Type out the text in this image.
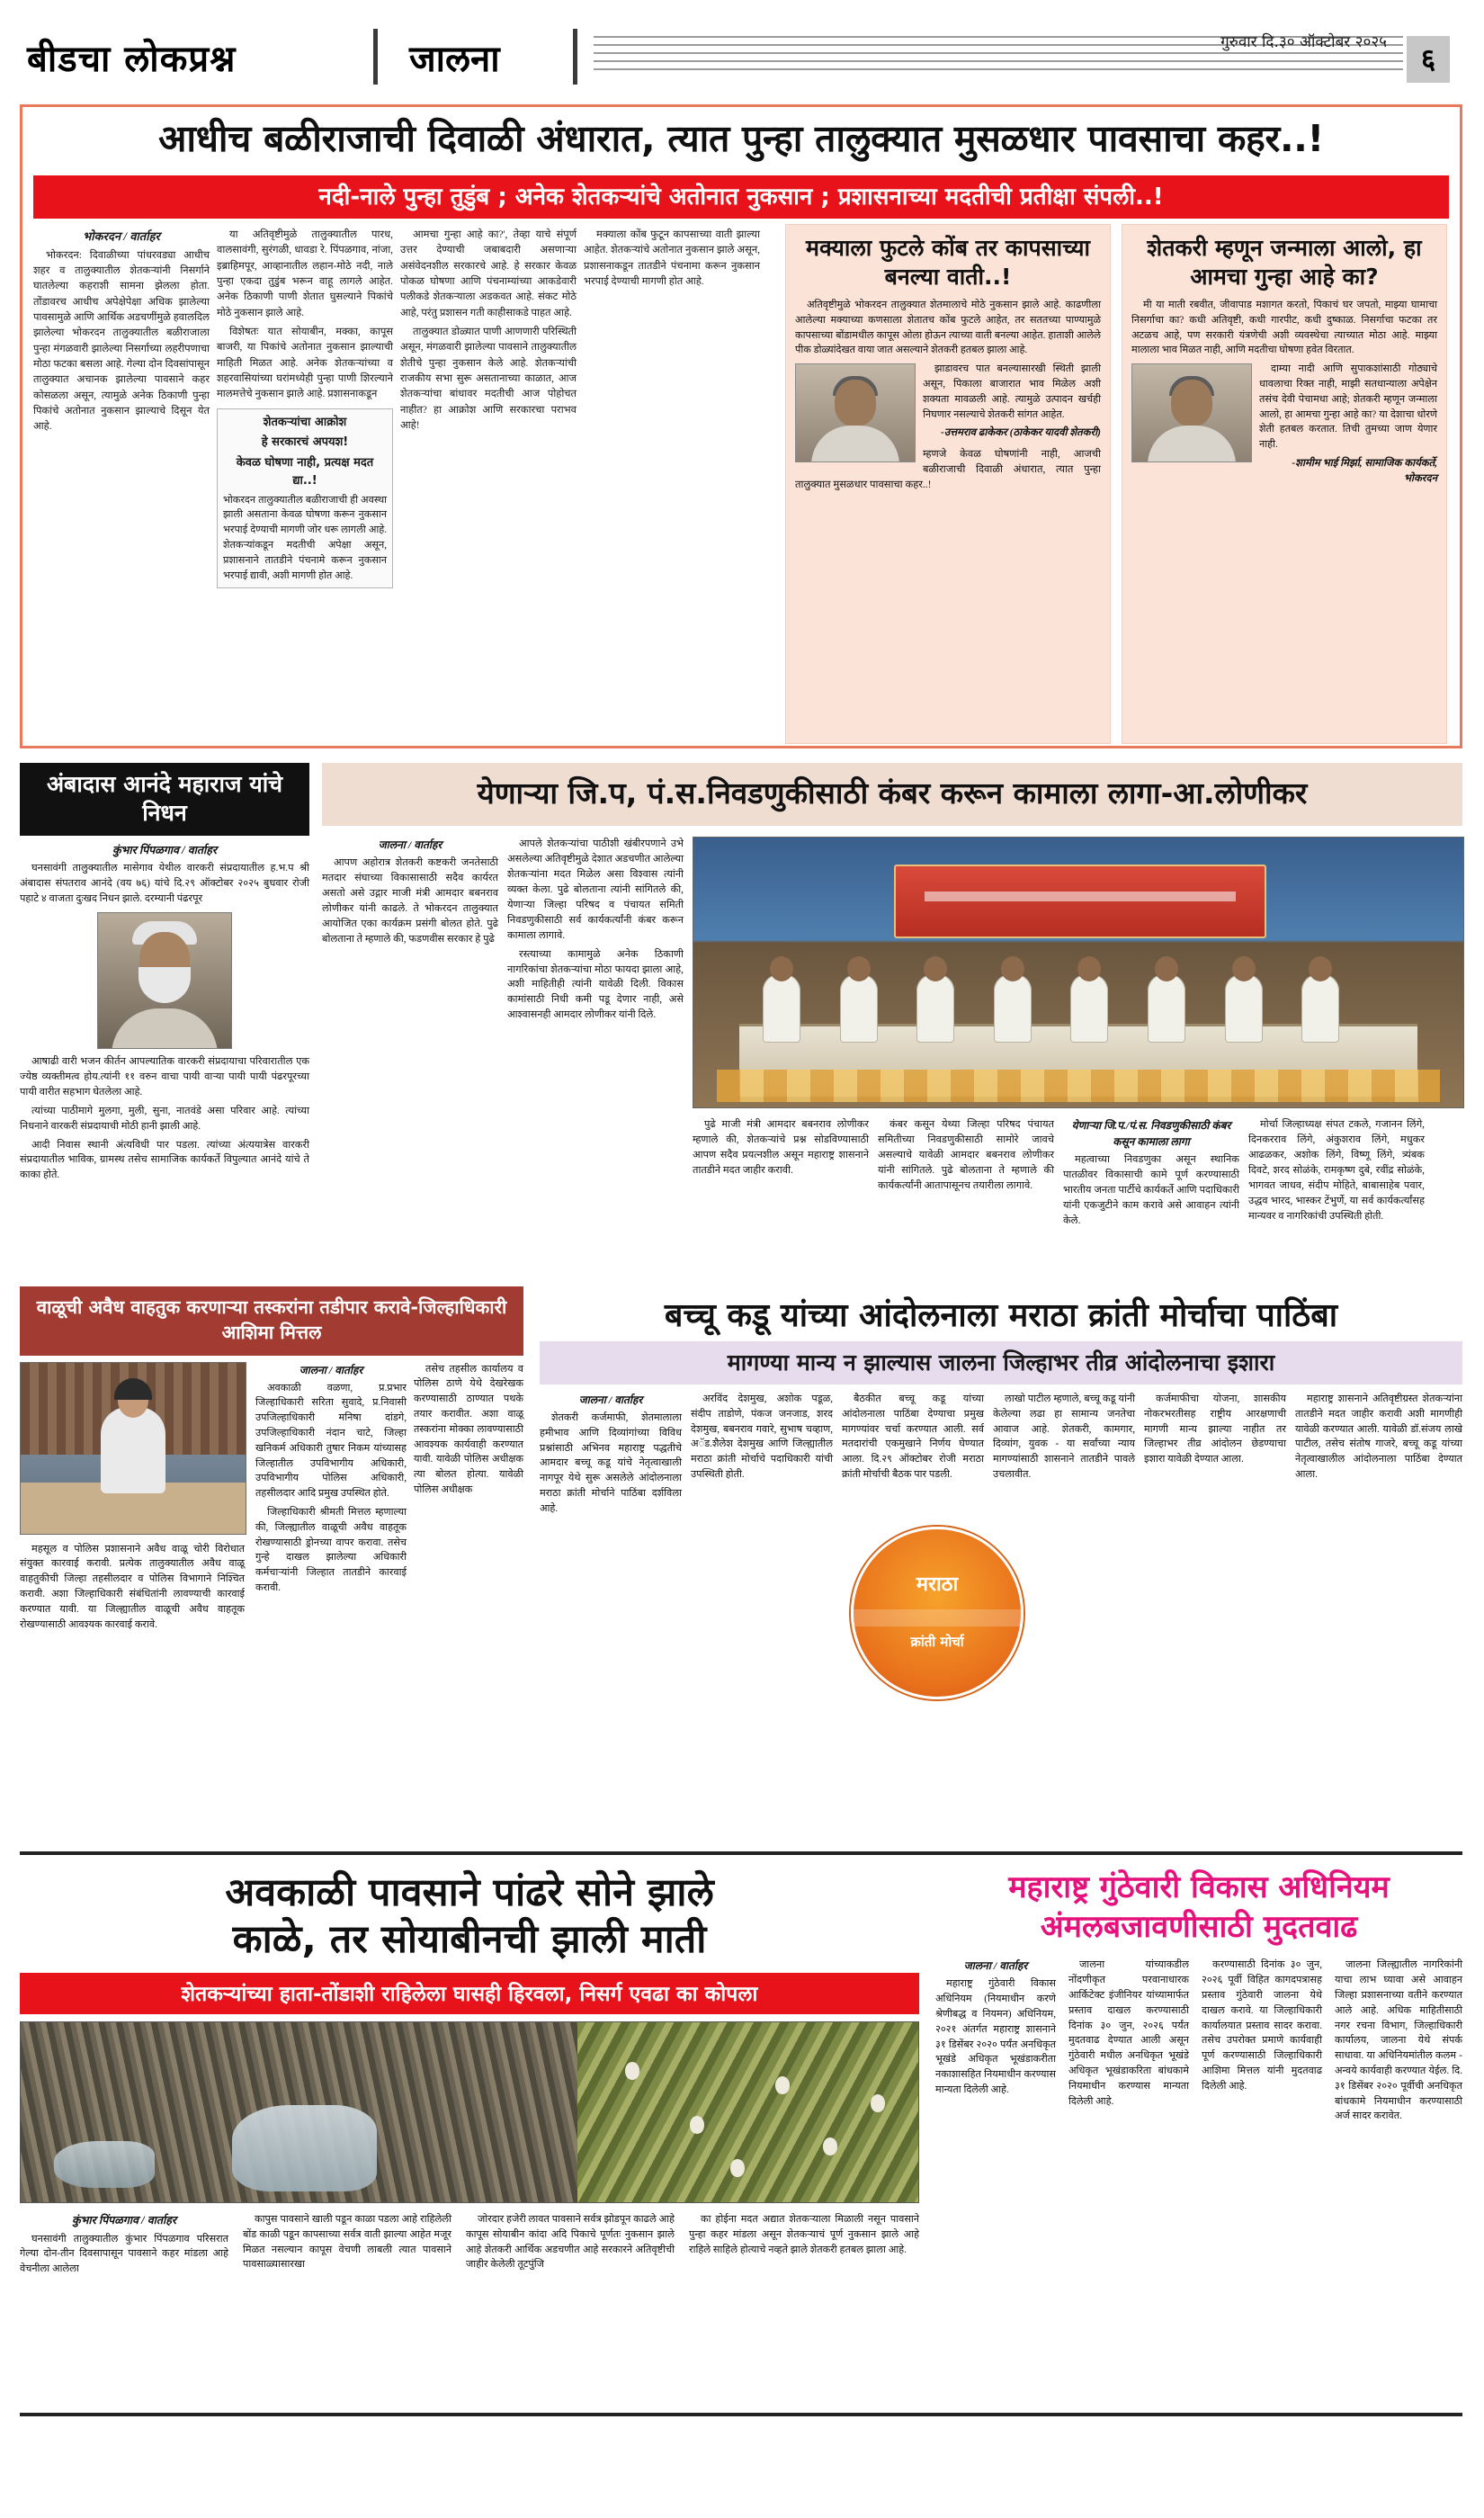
बीडचा लोकप्रश्न	जालना	गुरुवार दि.३० ऑक्टोबर २०२५
६
आधीच बळीराजाची दिवाळी अंधारात, त्यात पुन्हा तालुक्यात मुसळधार पावसाचा कहर..!
नदी-नाले पुन्हा तुडुंब ; अनेक शेतकऱ्यांचे अतोनात नुकसान ; प्रशासनाच्या मदतीची प्रतीक्षा संपली..!
भोकरदन / वार्ताहर

भोकरदन: दिवाळीच्या पांधरवड्या आधीच शहर व तालुक्यातील शेतकऱ्यांनी निसर्गाने घातलेल्या कहराशी सामना झेलला होता. तोंडावरच आधीच अपेक्षेपेक्षा अधिक झालेल्या पावसामुळे आणि आर्थिक अडचणींमुळे हवालदिल झालेल्या भोकरदन तालुक्यातील बळीराजाला पुन्हा मंगळवारी झालेल्या निसर्गाच्या लहरीपणाचा मोठा फटका बसला आहे. गेल्या दोन दिवसांपासून तालुक्यात अचानक झालेल्या पावसाने कहर कोसळला असून, त्यामुळे अनेक ठिकाणी पुन्हा पिकांचे अतोनात नुकसान झाल्याचे दिसून येत आहे.

या अतिवृष्टीमुळे तालुक्यातील पारध, वालसावंगी, सुरंगळी, धावडा रे. पिंपळगाव, नांजा, इब्राहिमपूर, आव्हानातील लहान-मोठे नदी, नाले पुन्हा एकदा तुडुंब भरून वाहू लागले आहेत. अनेक ठिकाणी पाणी शेतात घुसल्याने पिकांचे मोठे नुकसान झाले आहे.

विशेषतः यात सोयाबीन, मक्का, कापूस बाजरी, या पिकांचे अतोनात नुकसान झाल्याची माहिती मिळत आहे. अनेक शेतकऱ्यांच्या व शहरवासियांच्या घरांमध्येही पुन्हा पाणी शिरल्याने मालमत्तेचे नुकसान झाले आहे. प्रशासनाकडून

शेतकऱ्यांचा आक्रोश
हे सरकारचं अपयश!
केवळ घोषणा नाही, प्रत्यक्ष मदत द्या..!

भोकरदन तालुक्यातील बळीराजाची ही अवस्था झाली असताना केवळ घोषणा करून नुकसान भरपाई देण्याची मागणी जोर धरू लागली आहे. शेतकऱ्यांकडून मदतीची अपेक्षा असून, प्रशासनाने तातडीने पंचनामे करून नुकसान भरपाई द्यावी, अशी मागणी होत आहे.

आमचा गुन्हा आहे का?', तेव्हा याचे संपूर्ण उत्तर देण्याची जबाबदारी असणाऱ्या असंवेदनशील सरकारचे आहे. हे सरकार केवळ पोकळ घोषणा आणि पंचनाम्यांच्या आकडेवारी पलीकडे शेतकऱ्याला अडकवत आहे. संकट मोठे आहे, परंतु प्रशासन गती काहीसाकडे पाहत आहे.

तालुक्यात डोळ्यात पाणी आणणारी परिस्थिती असून, मंगळवारी झालेल्या पावसाने तालुक्यातील शेतीचे पुन्हा नुकसान केले आहे. शेतकऱ्यांची राजकीय सभा सुरू असतानाच्या काळात, आज शेतकऱ्यांचा बांधावर मदतीची आज पोहोचत नाहीत? हा आक्रोश आणि सरकारचा पराभव आहे!

मक्याला कोंब फुटून कापसाच्या वाती झाल्या आहेत. शेतकऱ्यांचे अतोनात नुकसान झाले असून, प्रशासनाकडून तातडीने पंचनामा करून नुकसान भरपाई देण्याची मागणी होत आहे.

मक्याला फुटले कोंब तर कापसाच्या बनल्या वाती..!

अतिवृष्टीमुळे भोकरदन तालुक्यात शेतमालाचे मोठे नुकसान झाले आहे. काढणीला आलेल्या मक्याच्या कणसाला शेतातच कोंब फुटले आहेत, तर सततच्या पाण्यामुळे कापसाच्या बोंडामधील कापूस ओला होऊन त्याच्या वाती बनल्या आहेत. हाताशी आलेले पीक डोळ्यांदेखत वाया जात असल्याने शेतकरी हतबल झाला आहे.

झाडावरच पात बनल्यासारखी स्थिती झाली असून, पिकाला बाजारात भाव मिळेल अशी शक्यता मावळली आहे. त्यामुळे उत्पादन खर्चही निघणार नसल्याचे शेतकरी सांगत आहेत.

-उत्तमराव ढाकेकर (ठाकेकर यादवी शेतकरी)
म्हणजे केवळ घोषणांनी नाही, आजची बळीराजाची दिवाळी अंधारात, त्यात पुन्हा तालुक्यात मुसळधार पावसाचा कहर..!
शेतकरी म्हणून जन्माला आलो, हा आमचा गुन्हा आहे का?

मी या माती रबवीत, जीवापाड मशागत करतो, पिकाचं घर जपतो, माझ्या घामाचा निसर्गाचा का? कधी अतिवृष्टी, कधी गारपीट, कधी दुष्काळ. निसर्गाचा फटका तर अटळच आहे, पण सरकारी यंत्रणेची अशी व्यवस्थेचा त्याच्यात मोठा आहे. माझ्या मालाला भाव मिळत नाही, आणि मदतीचा घोषणा हवेत विरतात.

दाम्या नादी आणि सुपाकशांसाठी गोठ्याचे धावलाचा रिक्त नाही, माझी सतधान्याला अपेक्षेन तसंच देवी पेचामधा आहे; शेतकरी म्हणून जन्माला आलो, हा आमचा गुन्हा आहे का? या देशाचा धोरणे शेती हतबल करतात. तिची तुमच्या जाण येणार नाही.

-शामीम भाई मिर्झा, सामाजिक कार्यकर्ते, भोकरदन
अंबादास आनंदे महाराज यांचे निधन
कुंभार पिंपळगाव / वार्ताहर

घनसावंगी तालुक्यातील मासेगाव येथील वारकरी संप्रदायातील ह.भ.प श्री अंबादास संपतराव आनंदे (वय ७६) यांचे दि.२९ ऑक्टोबर २०२५ बुधवार रोजी पहाटे ४ वाजता दुःखद निधन झाले. दरम्यानी पंढरपूर

आषाढी वारी भजन कीर्तन आपल्यातिक वारकरी संप्रदायाचा परिवारातील एक ज्येष्ठ व्यक्तीमत्व होय.त्यांनी ११ वरुन वाचा पायी वाऱ्या पायी पायी पंढरपूरच्या पायी वारीत सहभाग घेतलेला आहे.

त्यांच्या पाठीमागे मुलगा, मुली, सुना, नातवंडे असा परिवार आहे. त्यांच्या निधनाने वारकरी संप्रदायाची मोठी हानी झाली आहे.

आदी निवास स्थानी अंत्यविधी पार पडला. त्यांच्या अंत्ययात्रेस वारकरी संप्रदायातील भाविक, ग्रामस्थ तसेच सामाजिक कार्यकर्ते विपुल्यात आनंदे यांचे ते काका होते.

येणाऱ्या जि.प, पं.स.निवडणुकीसाठी कंबर करून कामाला लागा-आ.लोणीकर
जालना / वार्ताहर

आपण अहोरात्र शेतकरी कष्टकरी जनतेसाठी मतदार संघाच्या विकासासाठी सदैव कार्यरत असतो असे उद्गार माजी मंत्री आमदार बबनराव लोणीकर यांनी काढले. ते भोकरदन तालुक्यात आयोजित एका कार्यक्रम प्रसंगी बोलत होते. पुढे बोलताना ते म्हणाले की, फडणवीस सरकार हे पुढे

आपले शेतकऱ्यांचा पाठीशी खंबीरपणाने उभे असलेल्या अतिवृष्टीमुळे देशात अडचणीत आलेल्या शेतकऱ्यांना मदत मिळेल असा विश्वास त्यांनी व्यक्त केला. पुढे बोलताना त्यांनी सांगितले की, येणाऱ्या जिल्हा परिषद व पंचायत समिती निवडणुकीसाठी सर्व कार्यकर्त्यांनी कंबर करून कामाला लागावे.

रस्त्याच्या कामामुळे अनेक ठिकाणी नागरिकांचा शेतकऱ्यांचा मोठा फायदा झाला आहे, अशी माहितीही त्यांनी यावेळी दिली. विकास कामांसाठी निधी कमी पडू देणार नाही, असे आश्वासनही आमदार लोणीकर यांनी दिले.

पुढे माजी मंत्री आमदार बबनराव लोणीकर म्हणाले की, शेतकऱ्यांचे प्रश्न सोडविण्यासाठी आपण सदैव प्रयत्नशील असून महाराष्ट्र शासनाने तातडीने मदत जाहीर करावी.

कंबर कसून येथ्या जिल्हा परिषद पंचायत समितीच्या निवडणुकीसाठी सामोरे जावचे असल्याचे यावेळी आमदार बबनराव लोणीकर यांनी सांगितले. पुढे बोलताना ते म्हणाले की कार्यकर्त्यांनी आतापासूनच तयारीला लागावे.

येणाऱ्या जि.प./पं.स. निवडणुकीसाठी कंबर कसून कामाला लागा

महत्वाच्या निवडणुका असून स्थानिक पातळीवर विकासाची कामे पूर्ण करण्यासाठी भारतीय जनता पार्टीचे कार्यकर्ते आणि पदाधिकारी यांनी एकजुटीने काम करावे असे आवाहन त्यांनी केले.

मोर्चा जिल्हाध्यक्ष संपत टकले, गजानन लिंगे, दिनकरराव लिंगे, अंकुशराव लिंगे, मधुकर आढळकर, अशोक लिंगे, विष्णू लिंगे, त्र्यंबक दिवटे, शरद सोळंके, रामकृष्ण दुबे, रवींद्र सोळंके, भागवत जाधव, संदीप मोहिते, बाबासाहेब पवार, उद्धव भारद, भास्कर टेंभुर्णे, या सर्व कार्यकर्त्यांसह मान्यवर व नागरिकांची उपस्थिती होती.

वाळूची अवैध वाहतुक करणाऱ्या तस्करांना तडीपार करावे-जिल्हाधिकारी आशिमा मित्तल
जालना / वार्ताहर

अवकाळी वळणा, प्र.प्रभार जिल्हाधिकारी सरिता सुवादे, प्र.निवासी उपजिल्हाधिकारी मनिषा दांडगे, उपजिल्हाधिकारी नंदान चाटे, जिल्हा खनिकर्म अधिकारी तुषार निकम यांच्यासह जिल्हातील उपविभागीय अधिकारी, उपविभागीय पोलिस अधिकारी, तहसीलदार आदि प्रमुख उपस्थित होते.

जिल्हाधिकारी श्रीमती मित्तल म्हणाल्या की, जिल्ह्यातील वाळूची अवैध वाहतूक रोखण्यासाठी ड्रोनच्या वापर करावा. तसेच गुन्हे दाखल झालेल्या अधिकारी कर्मचाऱ्यांनी जिल्हात तातडीने कारवाई करावी.

महसूल व पोलिस प्रशासनाने अवैध वाळू चोरी विरोधात संयुक्त कारवाई करावी. प्रत्येक तालुक्यातील अवैध वाळू वाहतुकीची जिल्हा तहसीलदार व पोलिस विभागाने निश्चित करावी. अशा जिल्हाधिकारी संबंधितांनी लावण्याची कारवाई करण्यात यावी. या जिल्ह्यातील वाळूची अवैध वाहतूक रोखण्यासाठी आवश्यक कारवाई करावे.

तसेच तहसील कार्यालय व पोलिस ठाणे येथे देखरेखक करण्यासाठी ठाण्यात पथके तयार करावीत. अशा वाळू तस्करांना मोक्का लावण्यासाठी आवश्यक कार्यवाही करण्यात यावी. यावेळी पोलिस अधीक्षक त्या बोलत होत्या. यावेळी पोलिस अधीक्षक

बच्चू कडू यांच्या आंदोलनाला मराठा क्रांती मोर्चाचा पाठिंबा
मागण्या मान्य न झाल्यास जालना जिल्हाभर तीव्र आंदोलनाचा इशारा
जालना / वार्ताहर

शेतकरी कर्जमाफी, शेतमालाला हमीभाव आणि दिव्यांगांच्या विविध प्रश्नांसाठी अभिनव महाराष्ट्र पद्धतीचे आमदार बच्चू कडू यांचे नेतृत्वाखाली नागपूर येथे सुरू असलेले आंदोलनाला मराठा क्रांती मोर्चाने पाठिंबा दर्शविला आहे.

अरविंद देशमुख, अशोक पडूळ, संदीप ताडोणे, पंकज जनजाड, शरद देशमुख, बबनराव गवारे, सुभाष चव्हाण, अॅड.शैलेश देशमुख आणि जिल्ह्यातील मराठा क्रांती मोर्चाचे पदाधिकारी यांची उपस्थिती होती.

बैठकीत बच्चू कडू यांच्या आंदोलनाला पाठिंबा देण्याचा प्रमुख मागण्यांवर चर्चा करण्यात आली. सर्व मतदारांची एकमुखाने निर्णय घेण्यात आला. दि.२९ ऑक्टोबर रोजी मराठा क्रांती मोर्चाची बैठक पार पडली.

लाखो पाटील म्हणाले, बच्चू कडू यांनी केलेल्या लढा हा सामान्य जनतेचा आवाज आहे. शेतकरी, कामगार, दिव्यांग, युवक - या सर्वांच्या न्याय मागण्यांसाठी शासनाने तातडीने पावले उचलावीत.

कर्जमाफीचा योजना, शासकीय नोकरभरतीसह राष्ट्रीय आरक्षणाची मागणी मान्य झाल्या नाहीत तर जिल्हाभर तीव्र आंदोलन छेडण्याचा इशारा यावेळी देण्यात आला.

महाराष्ट्र शासनाने अतिवृष्टीग्रस्त शेतकऱ्यांना तातडीने मदत जाहीर करावी अशी मागणीही यावेळी करण्यात आली. यावेळी डॉ.संजय लाखे पाटील, तसेच संतोष गाजरे, बच्चू कडू यांच्या नेतृत्वाखालील आंदोलनाला पाठिंबा देण्यात आला.

मराठा
क्रांती मोर्चा
अवकाळी पावसाने पांढरे सोने झाले
काळे, तर सोयाबीनची झाली माती
शेतकऱ्यांच्या हाता-तोंडाशी राहिलेला घासही हिरवला, निसर्ग एवढा का कोपला
कुंभार पिंपळगाव / वार्ताहर

घनसावंगी तालुक्यातील कुंभार पिंपळगाव परिसरात गेल्या दोन-तीन दिवसापासून पावसाने कहर मांडला आहे वेचनीला आलेला

कापुस पावसाने खाली पडून काळा पडला आहे राहिलेली बोंड काळी पडून कापसाच्या सर्वत्र वाती झाल्या आहेत मजूर मिळत नसल्यान कापूस वेचणी लाबली त्यात पावसाने पावसाळ्यासारखा

जोरदार हजेरी लावत पावसाने सर्वत्र झोडपून काढले आहे कापूस सोयाबीन कांदा अदि पिकाचे पूर्णतः नुकसान झाले आहे शेतकरी आर्थिक अडचणीत आहे सरकारने अतिवृष्टीची जाहीर केलेली तूटपुंजि

का होईना मदत अद्यात शेतकऱ्याला मिळाली नसून पावसाने पुन्हा कहर मांडला असून शेतकऱ्याचं पूर्ण नुकसान झाले आहे राहिले साहिले होत्याचे नव्हते झाले शेतकरी हतबल झाला आहे.

महाराष्ट्र गुंठेवारी विकास अधिनियम
अंमलबजावणीसाठी मुदतवाढ
जालना / वार्ताहर

महाराष्ट्र गुंठेवारी विकास अधिनियम (नियमाधीन करणे श्रेणीबद्ध व नियमन) अधिनियम, २०२१ अंतर्गत महाराष्ट्र शासनाने ३१ डिसेंबर २०२० पर्यंत अनधिकृत भूखंडे अधिकृत भूखंडाकरीता नकाशासहित नियमाधीन करण्यास मान्यता दिलेली आहे.

जालना यांच्याकडील नोंदणीकृत परवानाधारक आर्किटेक्ट इंजीनियर यांच्यामार्फत प्रस्ताव दाखल करण्यासाठी दिनांक ३० जुन, २०२६ पर्यंत मुदतवाढ देण्यात आली असून गुंठेवारी मधील अनधिकृत भूखंडे अधिकृत भूखंडाकरिता बांधकामे नियमाधीन करण्यास मान्यता दिलेली आहे.

करण्यासाठी दिनांक ३० जुन, २०२६ पूर्वी विहित कागदपत्रासह प्रस्ताव गुंठेवारी जालना येथे दाखल करावे. या जिल्हाधिकारी कार्यालयात प्रस्ताव सादर करावा. तसेच उपरोक्त प्रमाणे कार्यवाही पूर्ण करण्यासाठी जिल्हाधिकारी आशिमा मित्तल यांनी मुदतवाढ दिलेली आहे.

जालना जिल्ह्यातील नागरिकांनी याचा लाभ घ्यावा असे आवाहन जिल्हा प्रशासनाच्या वतीने करण्यात आले आहे. अधिक माहितीसाठी नगर रचना विभाग, जिल्हाधिकारी कार्यालय, जालना येथे संपर्क साधावा. या अधिनियमांतील कलम - अन्वये कार्यवाही करण्यात येईल. दि. ३१ डिसेंबर २०२० पूर्वीची अनधिकृत बांधकामे नियमाधीन करण्यासाठी अर्ज सादर करावेत.
